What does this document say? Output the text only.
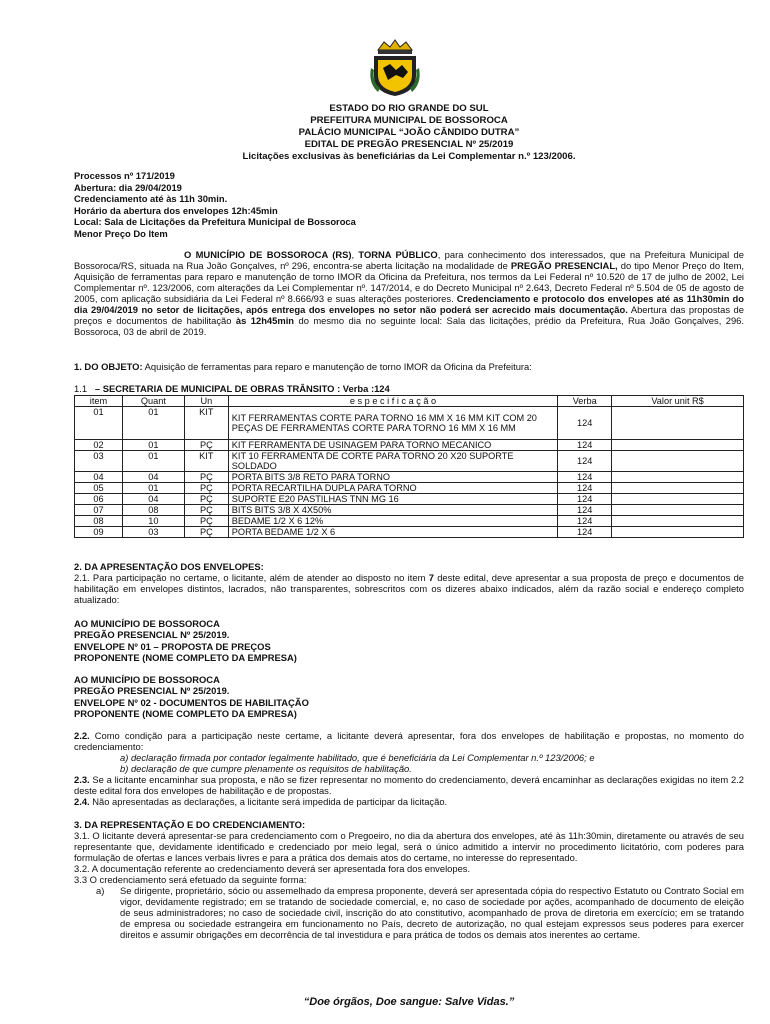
ESTADO DO RIO GRANDE DO SUL
PREFEITURA MUNICIPAL DE BOSSOROCA
PALÁCIO MUNICIPAL “JOÃO CÂNDIDO DUTRA”
EDITAL DE PREGÃO PRESENCIAL Nº 25/2019
Licitações exclusivas às beneficiárias da Lei Complementar n.º 123/2006.
Processos nº 171/2019
Abertura: dia 29/04/2019
Credenciamento até às 11h 30min.
Horário da abertura dos envelopes 12h:45min
Local: Sala de Licitações da Prefeitura Municipal de Bossoroca
Menor Preço Do Item
O MUNICÍPIO DE BOSSOROCA (RS), TORNA PÚBLICO, para conhecimento dos interessados, que na Prefeitura Municipal de Bossoroca/RS, situada na Rua João Gonçalves, nº 296, encontra-se aberta licitação na modalidade de PREGÃO PRESENCIAL, do tipo Menor Preço do Item, Aquisição de ferramentas para reparo e manutenção de torno IMOR da Oficina da Prefeitura, nos termos da Lei Federal nº 10.520 de 17 de julho de 2002, Lei Complementar nº. 123/2006, com alterações da Lei Complementar nº. 147/2014, e do Decreto Municipal nº 2.643, Decreto Federal nº 5.504 de 05 de agosto de 2005, com aplicação subsidiária da Lei Federal nº 8.666/93 e suas alterações posteriores. Credenciamento e protocolo dos envelopes até as 11h30min do dia 29/04/2019 no setor de licitações, após entrega dos envelopes no setor não poderá ser acrecido mais documentação. Abertura das propostas de preços e documentos de habilitação às 12h45min do mesmo dia no seguinte local: Sala das licitações, prédio da Prefeitura, Rua João Gonçalves, 296. Bossoroca, 03 de abril de 2019.
1. DO OBJETO: Aquisição de ferramentas para reparo e manutenção de torno IMOR da Oficina da Prefeitura:
1.1 – SECRETARIA DE MUNICIPAL DE OBRAS TRÂNSITO : Verba :124
item	Quant	Un	e s p e c i f i c a ç ã o	Verba	Valor unit R$
01	01	KIT	KIT FERRAMENTAS CORTE PARA TORNO 16 MM X 16 MM KIT COM 20 PEÇAS DE FERRAMENTAS CORTE PARA TORNO 16 MM X 16 MM	124	
02	01	PÇ	KIT FERRAMENTA DE USINAGEM PARA TORNO MECANICO	124	
03	01	KIT	KIT 10 FERRAMENTA DE CORTE PARA TORNO 20 X20 SUPORTE SOLDADO	124	
04	04	PÇ	PORTA BITS 3/8 RETO PARA TORNO	124	
05	01	PÇ	PORTA RECARTILHA DUPLA PARA TORNO	124	
06	04	PÇ	SUPORTE E20 PASTILHAS TNN MG 16	124	
07	08	PÇ	BITS BITS 3/8 X 4X50%	124	
08	10	PÇ	BEDAME 1/2 X 6 12%	124	
09	03	PÇ	PORTA BEDAME 1/2 X 6	124	
2. DA APRESENTAÇÃO DOS ENVELOPES:
2.1. Para participação no certame, o licitante, além de atender ao disposto no item 7 deste edital, deve apresentar a sua proposta de preço e documentos de habilitação em envelopes distintos, lacrados, não transparentes, sobrescritos com os dizeres abaixo indicados, além da razão social e endereço completo atualizado:
AO MUNICÍPIO DE BOSSOROCA
PREGÃO PRESENCIAL Nº 25/2019.
ENVELOPE Nº 01 – PROPOSTA DE PREÇOS
PROPONENTE (NOME COMPLETO DA EMPRESA)
AO MUNICÍPIO DE BOSSOROCA
PREGÃO PRESENCIAL Nº 25/2019.
ENVELOPE Nº 02 - DOCUMENTOS DE HABILITAÇÃO
PROPONENTE (NOME COMPLETO DA EMPRESA)
2.2. Como condição para a participação neste certame, a licitante deverá apresentar, fora dos envelopes de habilitação e propostas, no momento do credenciamento:
a) declaração firmada por contador legalmente habilitado, que é beneficiária da Lei Complementar n.º 123/2006; e
b) declaração de que cumpre plenamente os requisitos de habilitação.
2.3. Se a licitante encaminhar sua proposta, e não se fizer representar no momento do credenciamento, deverá encaminhar as declarações exigidas no item 2.2 deste edital fora dos envelopes de habilitação e de propostas.
2.4. Não apresentadas as declarações, a licitante será impedida de participar da licitação.
3. DA REPRESENTAÇÃO E DO CREDENCIAMENTO:
3.1. O licitante deverá apresentar-se para credenciamento com o Pregoeiro, no dia da abertura dos envelopes, até às 11h:30min, diretamente ou através de seu representante que, devidamente identificado e credenciado por meio legal, será o único admitido a intervir no procedimento licitatório, com poderes para formulação de ofertas e lances verbais livres e para a prática dos demais atos do certame, no interesse do representado.
3.2. A documentação referente ao credenciamento deverá ser apresentada fora dos envelopes.
3.3 O credenciamento será efetuado da seguinte forma:
a)	Se dirigente, proprietário, sócio ou assemelhado da empresa proponente, deverá ser apresentada cópia do respectivo Estatuto ou Contrato Social em vigor, devidamente registrado; em se tratando de sociedade comercial, e, no caso de sociedade por ações, acompanhado de documento de eleição de seus administradores; no caso de sociedade civil, inscrição do ato constitutivo, acompanhado de prova de diretoria em exercício; em se tratando de empresa ou sociedade estrangeira em funcionamento no País, decreto de autorização, no qual estejam expressos seus poderes para exercer direitos e assumir obrigações em decorrência de tal investidura e para prática de todos os demais atos inerentes ao certame.
“Doe órgãos, Doe sangue: Salve Vidas.”
